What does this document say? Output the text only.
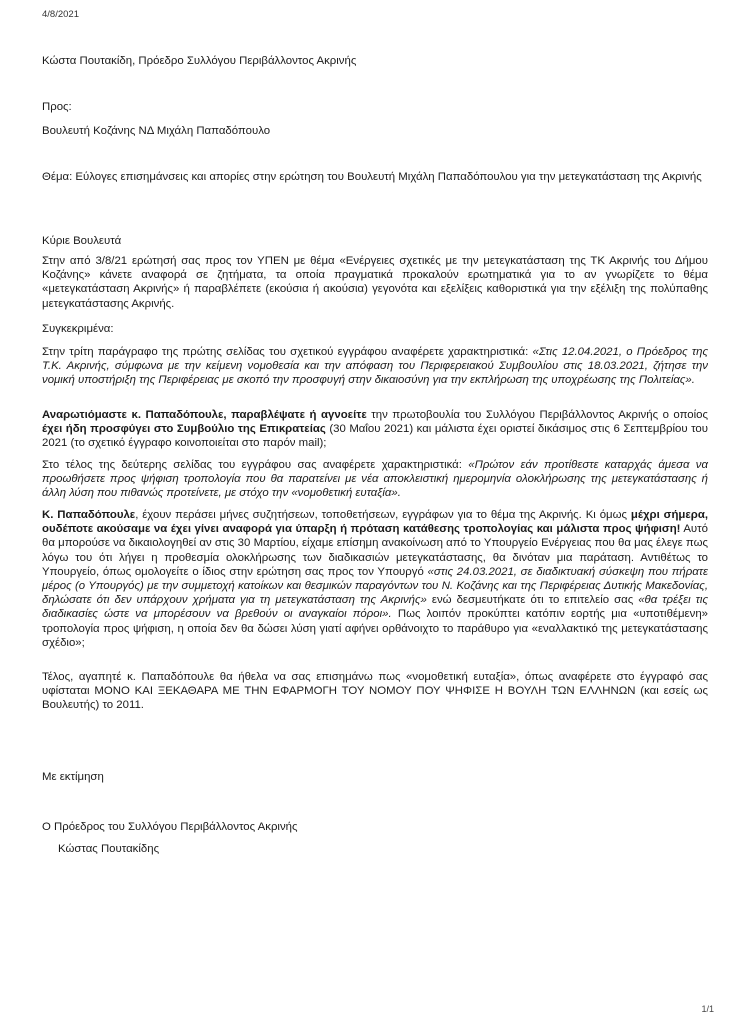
4/8/2021
Κώστα Πουτακίδη, Πρόεδρο Συλλόγου Περιβάλλοντος Ακρινής
Προς:
Βουλευτή Κοζάνης ΝΔ Μιχάλη Παπαδόπουλο
Θέμα: Εύλογες επισημάνσεις και απορίες στην ερώτηση του Βουλευτή Μιχάλη Παπαδόπουλου για την μετεγκατάσταση της Ακρινής
Κύριε Βουλευτά
Στην από 3/8/21 ερώτησή σας προς τον ΥΠΕΝ με θέμα «Ενέργειες σχετικές με την μετεγκατάσταση της ΤΚ Ακρινής του Δήμου Κοζάνης» κάνετε αναφορά σε ζητήματα, τα οποία πραγματικά προκαλούν ερωτηματικά για το αν γνωρίζετε το θέμα «μετεγκατάσταση Ακρινής» ή παραβλέπετε (εκούσια ή ακούσια) γεγονότα και εξελίξεις καθοριστικά για την εξέλιξη της πολύπαθης μετεγκατάστασης Ακρινής.
Συγκεκριμένα:
Στην τρίτη παράγραφο της πρώτης σελίδας του σχετικού εγγράφου αναφέρετε χαρακτηριστικά: «Στις 12.04.2021, ο Πρόεδρος της Τ.Κ. Ακρινής, σύμφωνα με την κείμενη νομοθεσία και την απόφαση του Περιφερειακού Συμβουλίου στις 18.03.2021, ζήτησε την νομική υποστήριξη της Περιφέρειας με σκοπό την προσφυγή στην δικαιοσύνη για την εκπλήρωση της υποχρέωσης της Πολιτείας».
Αναρωτιόμαστε κ. Παπαδόπουλε, παραβλέψατε ή αγνοείτε την πρωτοβουλία του Συλλόγου Περιβάλλοντος Ακρινής ο οποίος έχει ήδη προσφύγει στο Συμβούλιο της Επικρατείας (30 Μαΐου 2021) και μάλιστα έχει οριστεί δικάσιμος στις 6 Σεπτεμβρίου του 2021 (το σχετικό έγγραφο κοινοποιείται στο παρόν mail);
Στο τέλος της δεύτερης σελίδας του εγγράφου σας αναφέρετε χαρακτηριστικά: «Πρώτον εάν προτίθεστε καταρχάς άμεσα να προωθήσετε προς ψήφιση τροπολογία που θα παρατείνει με νέα αποκλειστική ημερομηνία ολοκλήρωσης της μετεγκατάστασης ή άλλη λύση που πιθανώς προτείνετε, με στόχο την «νομοθετική ευταξία».
Κ. Παπαδόπουλε, έχουν περάσει μήνες συζητήσεων, τοποθετήσεων, εγγράφων για το θέμα της Ακρινής. Κι όμως μέχρι σήμερα, ουδέποτε ακούσαμε να έχει γίνει αναφορά για ύπαρξη ή πρόταση κατάθεσης τροπολογίας και μάλιστα προς ψήφιση! Αυτό θα μπορούσε να δικαιολογηθεί αν στις 30 Μαρτίου, είχαμε επίσημη ανακοίνωση από το Υπουργείο Ενέργειας που θα μας έλεγε πως λόγω του ότι λήγει η προθεσμία ολοκλήρωσης των διαδικασιών μετεγκατάστασης, θα δινόταν μια παράταση. Αντιθέτως το Υπουργείο, όπως ομολογείτε ο ίδιος στην ερώτηση σας προς τον Υπουργό «στις 24.03.2021, σε διαδικτυακή σύσκεψη που πήρατε μέρος (ο Υπουργός) με την συμμετοχή κατοίκων και θεσμικών παραγόντων του Ν. Κοζάνης και της Περιφέρειας Δυτικής Μακεδονίας, δηλώσατε ότι δεν υπάρχουν χρήματα για τη μετεγκατάσταση της Ακρινής» ενώ δεσμευτήκατε ότι το επιτελείο σας «θα τρέξει τις διαδικασίες ώστε να μπορέσουν να βρεθούν οι αναγκαίοι πόροι». Πως λοιπόν προκύπτει κατόπιν εορτής μια «υποτιθέμενη» τροπολογία προς ψήφιση, η οποία δεν θα δώσει λύση γιατί αφήνει ορθάνοιχτο το παράθυρο για «εναλλακτικό της μετεγκατάστασης σχέδιο»;
Τέλος, αγαπητέ κ. Παπαδόπουλε θα ήθελα να σας επισημάνω πως «νομοθετική ευταξία», όπως αναφέρετε στο έγγραφό σας υφίσταται ΜΟΝΟ ΚΑΙ ΞΕΚΑΘΑΡΑ ΜΕ ΤΗΝ ΕΦΑΡΜΟΓΗ ΤΟΥ ΝΟΜΟΥ ΠΟΥ ΨΗΦΙΣΕ Η ΒΟΥΛΗ ΤΩΝ ΕΛΛΗΝΩΝ (και εσείς ως Βουλευτής) το 2011.
Με εκτίμηση
Ο Πρόεδρος του Συλλόγου Περιβάλλοντος Ακρινής
Κώστας Πουτακίδης
1/1
